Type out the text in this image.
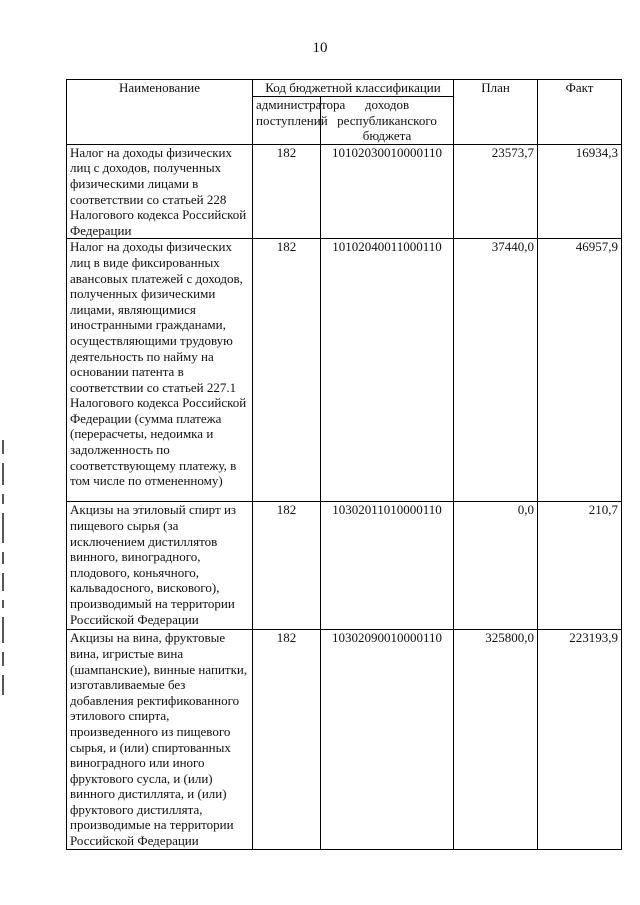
10
Наименование	Код бюджетной классификации		План	Факт
	администратора поступлений	доходов республиканского бюджета		
Налог на доходы физических лиц с доходов, полученных физическими лицами в соответствии со статьей 228 Налогового кодекса Российской Федерации	182	10102030010000110	23573,7	16934,3
Налог на доходы физических лиц в виде фиксированных авансовых платежей с доходов, полученных физическими лицами, являющимися иностранными гражданами, осуществляющими трудовую деятельность по найму на основании патента в соответствии со статьей 227.1 Налогового кодекса Российской Федерации (сумма платежа (перерасчеты, недоимка и задолженность по соответствующему платежу, в том числе по отмененному)	182	10102040011000110	37440,0	46957,9
Акцизы на этиловый спирт из пищевого сырья (за исключением дистиллятов винного, виноградного, плодового, коньячного, кальвадосного, вискового), производимый на территории Российской Федерации	182	10302011010000110	0,0	210,7
Акцизы на вина, фруктовые вина, игристые вина (шампанские), винные напитки, изготавливаемые без добавления ректификованного этилового спирта, произведенного из пищевого сырья, и (или) спиртованных виноградного или иного фруктового сусла, и (или) винного дистиллята, и (или) фруктового дистиллята, производимые на территории Российской Федерации	182	10302090010000110	325800,0	223193,9
